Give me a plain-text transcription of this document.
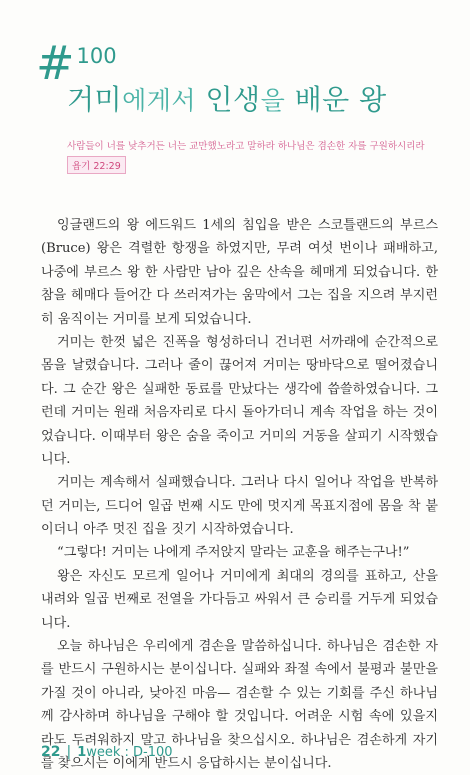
# 100
거미에게서 인생을 배운 왕
사람들이 너를 낮추거든 너는 교만했노라고 말하라 하나님은 겸손한 자를 구원하시리라
욥기 22:29
잉글랜드의 왕 에드워드 1세의 침입을 받은 스코틀랜드의 부르스
(Bruce) 왕은 격렬한 항쟁을 하였지만, 무려 여섯 번이나 패배하고,
나중에 부르스 왕 한 사람만 남아 깊은 산속을 헤매게 되었습니다. 한
참을 헤매다 들어간 다 쓰러져가는 움막에서 그는 집을 지으려 부지런
히 움직이는 거미를 보게 되었습니다.
거미는 한껏 넓은 진폭을 형성하더니 건너편 서까래에 순간적으로
몸을 날렸습니다. 그러나 줄이 끊어져 거미는 땅바닥으로 떨어졌습니
다. 그 순간 왕은 실패한 동료를 만났다는 생각에 씁쓸하였습니다. 그
런데 거미는 원래 처음자리로 다시 돌아가더니 계속 작업을 하는 것이
었습니다. 이때부터 왕은 숨을 죽이고 거미의 거동을 살피기 시작했습
니다.
거미는 계속해서 실패했습니다. 그러나 다시 일어나 작업을 반복하
던 거미는, 드디어 일곱 번째 시도 만에 멋지게 목표지점에 몸을 착 붙
이더니 아주 멋진 집을 짓기 시작하였습니다.
“그렇다! 거미는 나에게 주저앉지 말라는 교훈을 해주는구나!”
왕은 자신도 모르게 일어나 거미에게 최대의 경의를 표하고, 산을
내려와 일곱 번째로 전열을 가다듬고 싸워서 큰 승리를 거두게 되었습
니다.
오늘 하나님은 우리에게 겸손을 말씀하십니다. 하나님은 겸손한 자
를 반드시 구원하시는 분이십니다. 실패와 좌절 속에서 불평과 불만을
가질 것이 아니라, 낮아진 마음— 겸손할 수 있는 기회를 주신 하나님
께 감사하며 하나님을 구해야 할 것입니다. 어려운 시험 속에 있을지
라도 두려워하지 말고 하나님을 찾으십시오. 하나님은 겸손하게 자기
를 찾으시는 이에게 반드시 응답하시는 분이십니다.
22 | 1week : D-100
